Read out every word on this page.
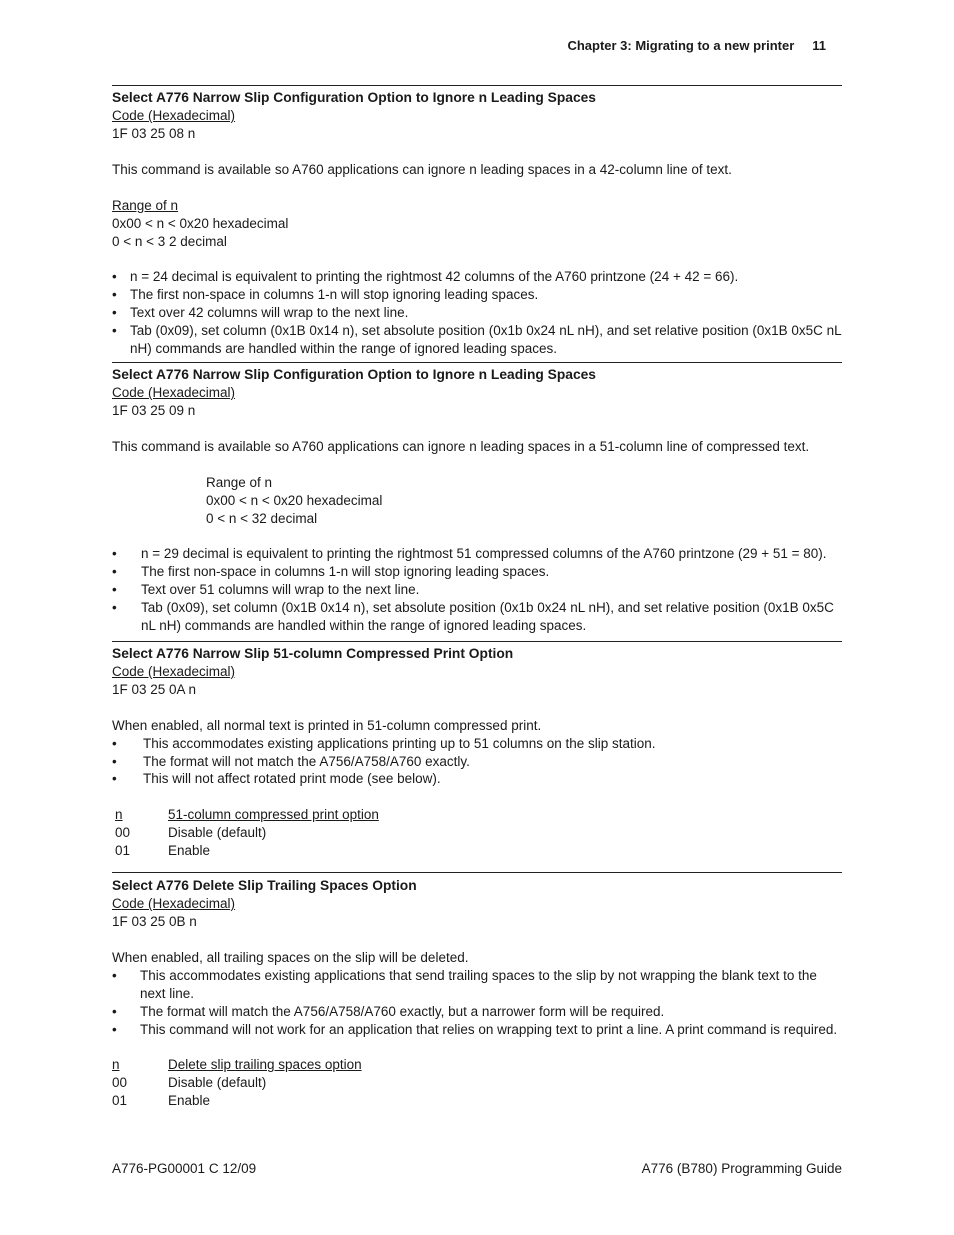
Chapter 3: Migrating to a new printer 11
Select A776 Narrow Slip Configuration Option to Ignore n Leading Spaces

Code (Hexadecimal)

1F 03 25 08 n

This command is available so A760 applications can ignore n leading spaces in a 42-column line of text.

Range of n

0x00 < n < 0x20 hexadecimal

0 < n < 3 2 decimal

• n = 24 decimal is equivalent to printing the rightmost 42 columns of the A760 printzone (24 + 42 = 66).
• The first non-space in columns 1-n will stop ignoring leading spaces.
• Text over 42 columns will wrap to the next line.
• Tab (0x09), set column (0x1B 0x14 n), set absolute position (0x1b 0x24 nL nH), and set relative position (0x1B 0x5C nL nH) commands are handled within the range of ignored leading spaces.
Select A776 Narrow Slip Configuration Option to Ignore n Leading Spaces

Code (Hexadecimal)

1F 03 25 09 n

This command is available so A760 applications can ignore n leading spaces in a 51-column line of compressed text.

Range of n

0x00 < n < 0x20 hexadecimal

0 < n < 32 decimal

• n = 29 decimal is equivalent to printing the rightmost 51 compressed columns of the A760 printzone (29 + 51 = 80).
• The first non-space in columns 1-n will stop ignoring leading spaces.
• Text over 51 columns will wrap to the next line.
• Tab (0x09), set column (0x1B 0x14 n), set absolute position (0x1b 0x24 nL nH), and set relative position (0x1B 0x5C nL nH) commands are handled within the range of ignored leading spaces.
Select A776 Narrow Slip 51-column Compressed Print Option

Code (Hexadecimal)

1F 03 25 0A n

When enabled, all normal text is printed in 51-column compressed print.

• This accommodates existing applications printing up to 51 columns on the slip station.
• The format will not match the A756/A758/A760 exactly.
• This will not affect rotated print mode (see below).
n	51-column compressed print option
00	Disable (default)
01	Enable
Select A776 Delete Slip Trailing Spaces Option

Code (Hexadecimal)

1F 03 25 0B n

When enabled, all trailing spaces on the slip will be deleted.

• This accommodates existing applications that send trailing spaces to the slip by not wrapping the blank text to the next line.
• The format will match the A756/A758/A760 exactly, but a narrower form will be required.
• This command will not work for an application that relies on wrapping text to print a line. A print command is required.
n	Delete slip trailing spaces option
00	Disable (default)
01	Enable
A776-PG00001 C 12/09	A776 (B780) Programming Guide
